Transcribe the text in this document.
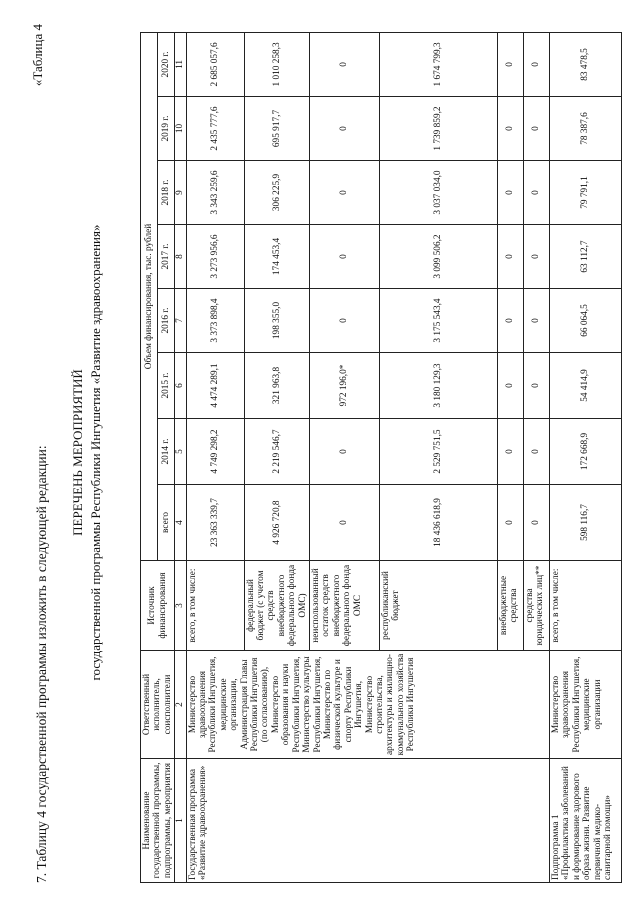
7. Таблицу 4 государственной программы изложить в следующей редакции:
«Таблица 4
ПЕРЕЧЕНЬ МЕРОПРИЯТИЙ государственной программы Республики Ингушетия «Развитие здравоохранения»
Наименование государственной программы, подпрограммы, мероприятия	Ответственный исполнитель, соисполнители	Источник финансирования	Объем финансирования, тыс. рублей							
			всего	2014 г.	2015 г.	2016 г.	2017 г.	2018 г.	2019 г.	2020 г.
1	2	3	4	5	6	7	8	9	10	11
Государственная программа «Развитие здравоохранения»	Министерство здравоохранения Республики Ингушетия, медицинские организации, Администрация Главы Республики Ингушетия (по согласованию), Министерство образования и науки Республики Ингушетия, Министерство культуры Республики Ингушетия, Министерство по физической культуре и спорту Республики Ингушетия, Министерство строительства, архитектуры и жилищно-коммунального хозяйства Республики Ингушетия	всего, в том числе:	23 363 339,7	4 749 298,2	4 474 289,1	3 373 898,4	3 273 956,6	3 343 259,6	2 435 777,6	2 685 057,6
		федеральный бюджет (с учетом средств внебюджетного федерального фонда ОМС)	4 926 720,8	2 219 546,7	321 963,8	198 355,0	174 453,4	306 225,9	695 917,7	1 010 258,3
		неиспользованный остаток средств внебюджетного федерального фонда ОМС	0	0	972 196,0*	0	0	0	0	0
		республиканский бюджет	18 436 618,9	2 529 751,5	3 180 129,3	3 175 543,4	3 099 506,2	3 037 034,0	1 739 859,2	1 674 799,3
		внебюджетные средства	0	0	0	0	0	0	0	0
		средства юридических лиц**	0	0	0	0	0	0	0	0
Подпрограмма 1 «Профилактика заболеваний и формирование здорового образа жизни. Развитие первичной медико-санитарной помощи»	Министерство здравоохранения Республики Ингушетия, медицинские организации	всего, в том числе:	598 116,7	172 668,9	54 414,9	66 064,5	63 112,7	79 791,1	78 387,6	83 478,5
